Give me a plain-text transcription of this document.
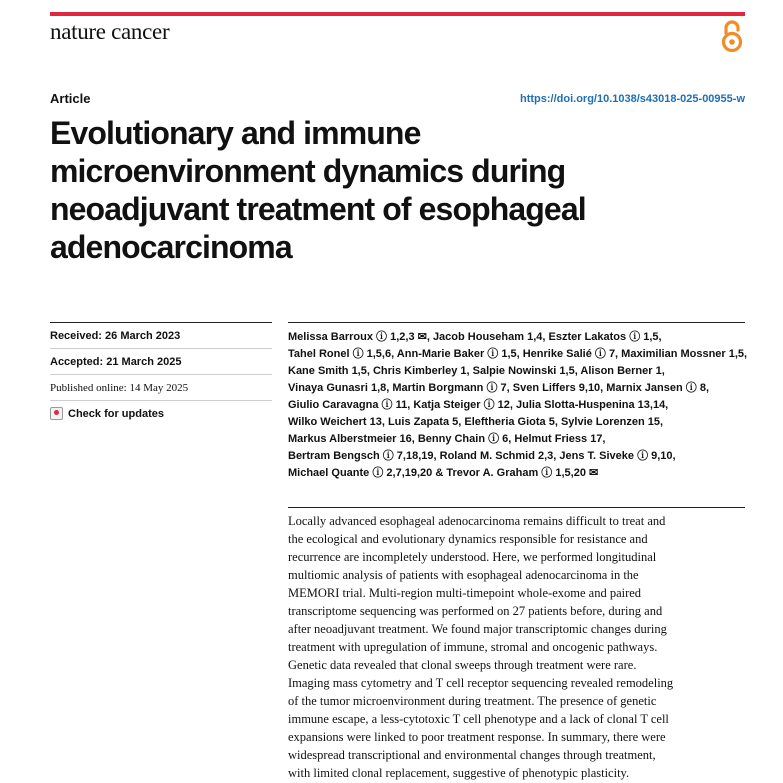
nature cancer
Article	https://doi.org/10.1038/s43018-025-00955-w
Evolutionary and immune
microenvironment dynamics during
neoadjuvant treatment of esophageal
adenocarcinoma
Received: 26 March 2023
Accepted: 21 March 2025
Published online: 14 May 2025
Check for updates
Melissa Barroux ⓘ 1,2,3 ✉, Jacob Househam 1,4, Eszter Lakatos ⓘ 1,5,
Tahel Ronel ⓘ 1,5,6, Ann-Marie Baker ⓘ 1,5, Henrike Salié ⓘ 7, Maximilian Mossner 1,5,
Kane Smith 1,5, Chris Kimberley 1, Salpie Nowinski 1,5, Alison Berner 1,
Vinaya Gunasri 1,8, Martin Borgmann ⓘ 7, Sven Liffers 9,10, Marnix Jansen ⓘ 8,
Giulio Caravagna ⓘ 11, Katja Steiger ⓘ 12, Julia Slotta-Huspenina 13,14,
Wilko Weichert 13, Luis Zapata 5, Eleftheria Giota 5, Sylvie Lorenzen 15,
Markus Alberstmeier 16, Benny Chain ⓘ 6, Helmut Friess 17,
Bertram Bengsch ⓘ 7,18,19, Roland M. Schmid 2,3, Jens T. Siveke ⓘ 9,10,
Michael Quante ⓘ 2,7,19,20 & Trevor A. Graham ⓘ 1,5,20 ✉
Locally advanced esophageal adenocarcinoma remains difficult to treat and
the ecological and evolutionary dynamics responsible for resistance and
recurrence are incompletely understood. Here, we performed longitudinal
multiomic analysis of patients with esophageal adenocarcinoma in the
MEMORI trial. Multi-region multi-timepoint whole-exome and paired
transcriptome sequencing was performed on 27 patients before, during and
after neoadjuvant treatment. We found major transcriptomic changes during
treatment with upregulation of immune, stromal and oncogenic pathways.
Genetic data revealed that clonal sweeps through treatment were rare.
Imaging mass cytometry and T cell receptor sequencing revealed remodeling
of the tumor microenvironment during treatment. The presence of genetic
immune escape, a less-cytotoxic T cell phenotype and a lack of clonal T cell
expansions were linked to poor treatment response. In summary, there were
widespread transcriptional and environmental changes through treatment,
with limited clonal replacement, suggestive of phenotypic plasticity.
